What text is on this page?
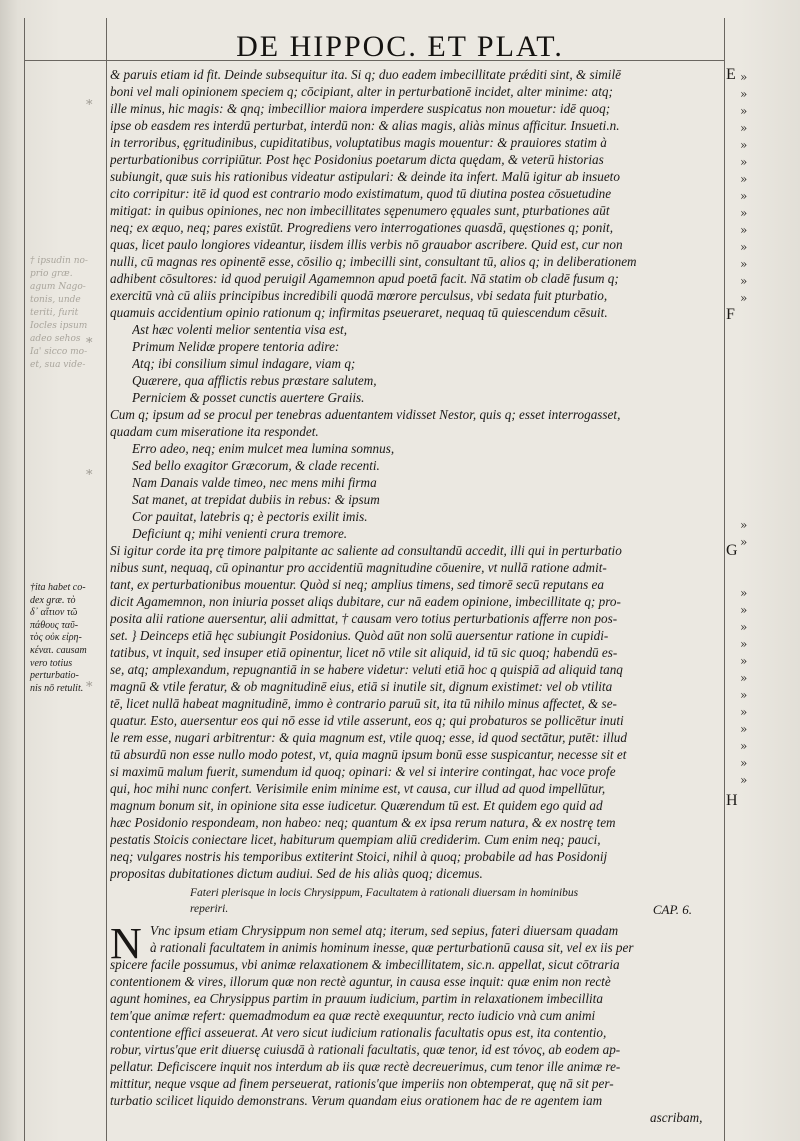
DE HIPPOC. ET PLAT.
† ipsudin no-
prio græ.
agum Nago-
tonis, unde
teriti, furit
Iocles ipsum
adeo sehos
Ia' sicco mo-
et, sua vide-
*
*
*
*
†ita habet co-
dex græ. τὸ
δ᾽ αἴτιον τῶ
πάθους ταῦ-
τὸς οὐκ εἰρη-
κέναι. causam
vero totius
perturbatio-
nis nō retulit.
E
F
G
H
»
»
»
»
»
»
»
»
»
»
»
»
»
»
»
»
»
»
»
»
»
»
»
»
»
»
»
»
& paruis etiam id fit. Deinde subsequitur ita. Si q; duo eadem imbecillitate prǽditi sint, & similē
boni vel mali opinionem speciem q; cōcipiant, alter in perturbationē incidet, alter minime: atq;
ille minus, hic magis: & qnq; imbecillior maiora imperdere suspicatus non mouetur: idē quoq;
ipse ob easdem res interdū perturbat, interdū non: & alias magis, aliàs minus afficitur. Insueti.n.
in terroribus, ęgritudinibus, cupiditatibus, voluptatibus magis mouentur: & prauiores statim à
perturbationibus corripiūtur. Post hęc Posidonius poetarum dicta quędam, & veterū historias
subiungit, quæ suis his rationibus videatur astipulari: & deinde ita infert. Malū igitur ab insueto
cito corripitur: itē id quod est contrario modo existimatum, quod tū diutina postea cōsuetudine
mitigat: in quibus opiniones, nec non imbecillitates sępenumero ęquales sunt, pturbationes aūt
neq; ex æquo, neq; pares existūt. Progrediens vero interrogationes quasdā, quęstiones q; ponit,
quas, licet paulo longiores videantur, iisdem illis verbis nō grauabor ascribere. Quid est, cur non
nulli, cū magnas res opinentē esse, cōsilio q; imbecilli sint, consultant tū, alios q; in deliberationem
adhibent cōsultores: id quod peruigil Agamemnon apud poetā facit. Nā statim ob cladē fusum q;
exercitū vnà cū aliis principibus incredibili quodā mœrore perculsus, vbi sedata fuit pturbatio,
quamuis accidentium opinio rationum q; infirmitas pseueraret, nequaq tū quiescendum cēsuit.
Ast hæc volenti melior sententia visa est,
Primum Nelidæ propere tentoria adire:
Atq; ibi consilium simul indagare, viam q;
Quærere, qua afflictis rebus præstare salutem,
Perniciem & posset cunctis auertere Graiis.
Cum q; ipsum ad se procul per tenebras aduentantem vidisset Nestor, quis q; esset interrogasset,
quadam cum miseratione ita respondet.
Erro adeo, neq; enim mulcet mea lumina somnus,
Sed bello exagitor Græcorum, & clade recenti.
Nam Danais valde timeo, nec mens mihi firma
Sat manet, at trepidat dubiis in rebus: & ipsum
Cor pauitat, latebris q; è pectoris exilit imis.
Deficiunt q; mihi venienti crura tremore.
Si igitur corde ita prę timore palpitante ac saliente ad consultandū accedit, illi qui in perturbatio
nibus sunt, nequaq, cū opinantur pro accidentiū magnitudine cōuenire, vt nullā ratione admit-
tant, ex perturbationibus mouentur. Quòd si neq; amplius timens, sed timorē secū reputans ea
dicit Agamemnon, non iniuria posset aliqs dubitare, cur nā eadem opinione, imbecillitate q; pro-
posita alii ratione auersentur, alii admittat, † causam vero totius perturbationis afferre non pos-
set. } Deinceps etiā hęc subiungit Posidonius. Quòd aūt non solū auersentur ratione in cupidi-
tatibus, vt inquit, sed insuper etiā opinentur, licet nō vtile sit aliquid, id tū sic quoq; habendū es-
se, atq; amplexandum, repugnantiā in se habere videtur: veluti etiā hoc q quispiā ad aliquid tanq
magnū & vtile feratur, & ob magnitudinē eius, etiā si inutile sit, dignum existimet: vel ob vtilita
tē, licet nullā habeat magnitudinē, immo è contrario paruū sit, ita tū nihilo minus affectet, & se-
quatur. Esto, auersentur eos qui nō esse id vtile asserunt, eos q; qui probaturos se pollicētur inuti
le rem esse, nugari arbitrentur: & quia magnum est, vtile quoq; esse, id quod sectātur, putēt: illud
tū absurdū non esse nullo modo potest, vt, quia magnū ipsum bonū esse suspicantur, necesse sit et
si maximū malum fuerit, sumendum id quoq; opinari: & vel si interire contingat, hac voce profe
qui, hoc mihi nunc confert. Verisimile enim minime est, vt causa, cur illud ad quod impellūtur,
magnum bonum sit, in opinione sita esse iudicetur. Quærendum tū est. Et quidem ego quid ad
hæc Posidonio respondeam, non habeo: neq; quantum & ex ipsa rerum natura, & ex nostrę tem
pestatis Stoicis coniectare licet, habiturum quempiam aliū crediderim. Cum enim neq; pauci,
neq; vulgares nostris his temporibus extiterint Stoici, nihil à quoq; probabile ad has Posidonij
propositas dubitationes dictum audiui. Sed de his aliàs quoq; dicemus.
Fateri plerisque in locis Chrysippum, Facultatem à rationali diuersam in hominibus
reperiri.	CAP. 6.
N Vnc ipsum etiam Chrysippum non semel atq; iterum, sed sepius, fateri diuersam quadam
à rationali facultatem in animis hominum inesse, quæ perturbationū causa sit, vel ex iis per
spicere facile possumus, vbi animæ relaxationem & imbecillitatem, sic.n. appellat, sicut cōtraria
contentionem & vires, illorum quæ non rectè aguntur, in causa esse inquit: quæ enim non rectè
agunt homines, ea Chrysippus partim in prauum iudicium, partim in relaxationem imbecillita
tem'que animæ refert: quemadmodum ea quæ rectè exequuntur, recto iudicio vnà cum animi
contentione effici asseuerat. At vero sicut iudicium rationalis facultatis opus est, ita contentio,
robur, virtus'que erit diuersę cuiusdā à rationali facultatis, quæ tenor, id est τόνος, ab eodem ap-
pellatur. Deficiscere inquit nos interdum ab iis quæ rectè decreuerimus, cum tenor ille animæ re-
mittitur, neque vsque ad finem perseuerat, rationis'que imperiis non obtemperat, quę nā sit per-
turbatio scilicet liquido demonstrans. Verum quandam eius orationem hac de re agentem iam
ascribam,
